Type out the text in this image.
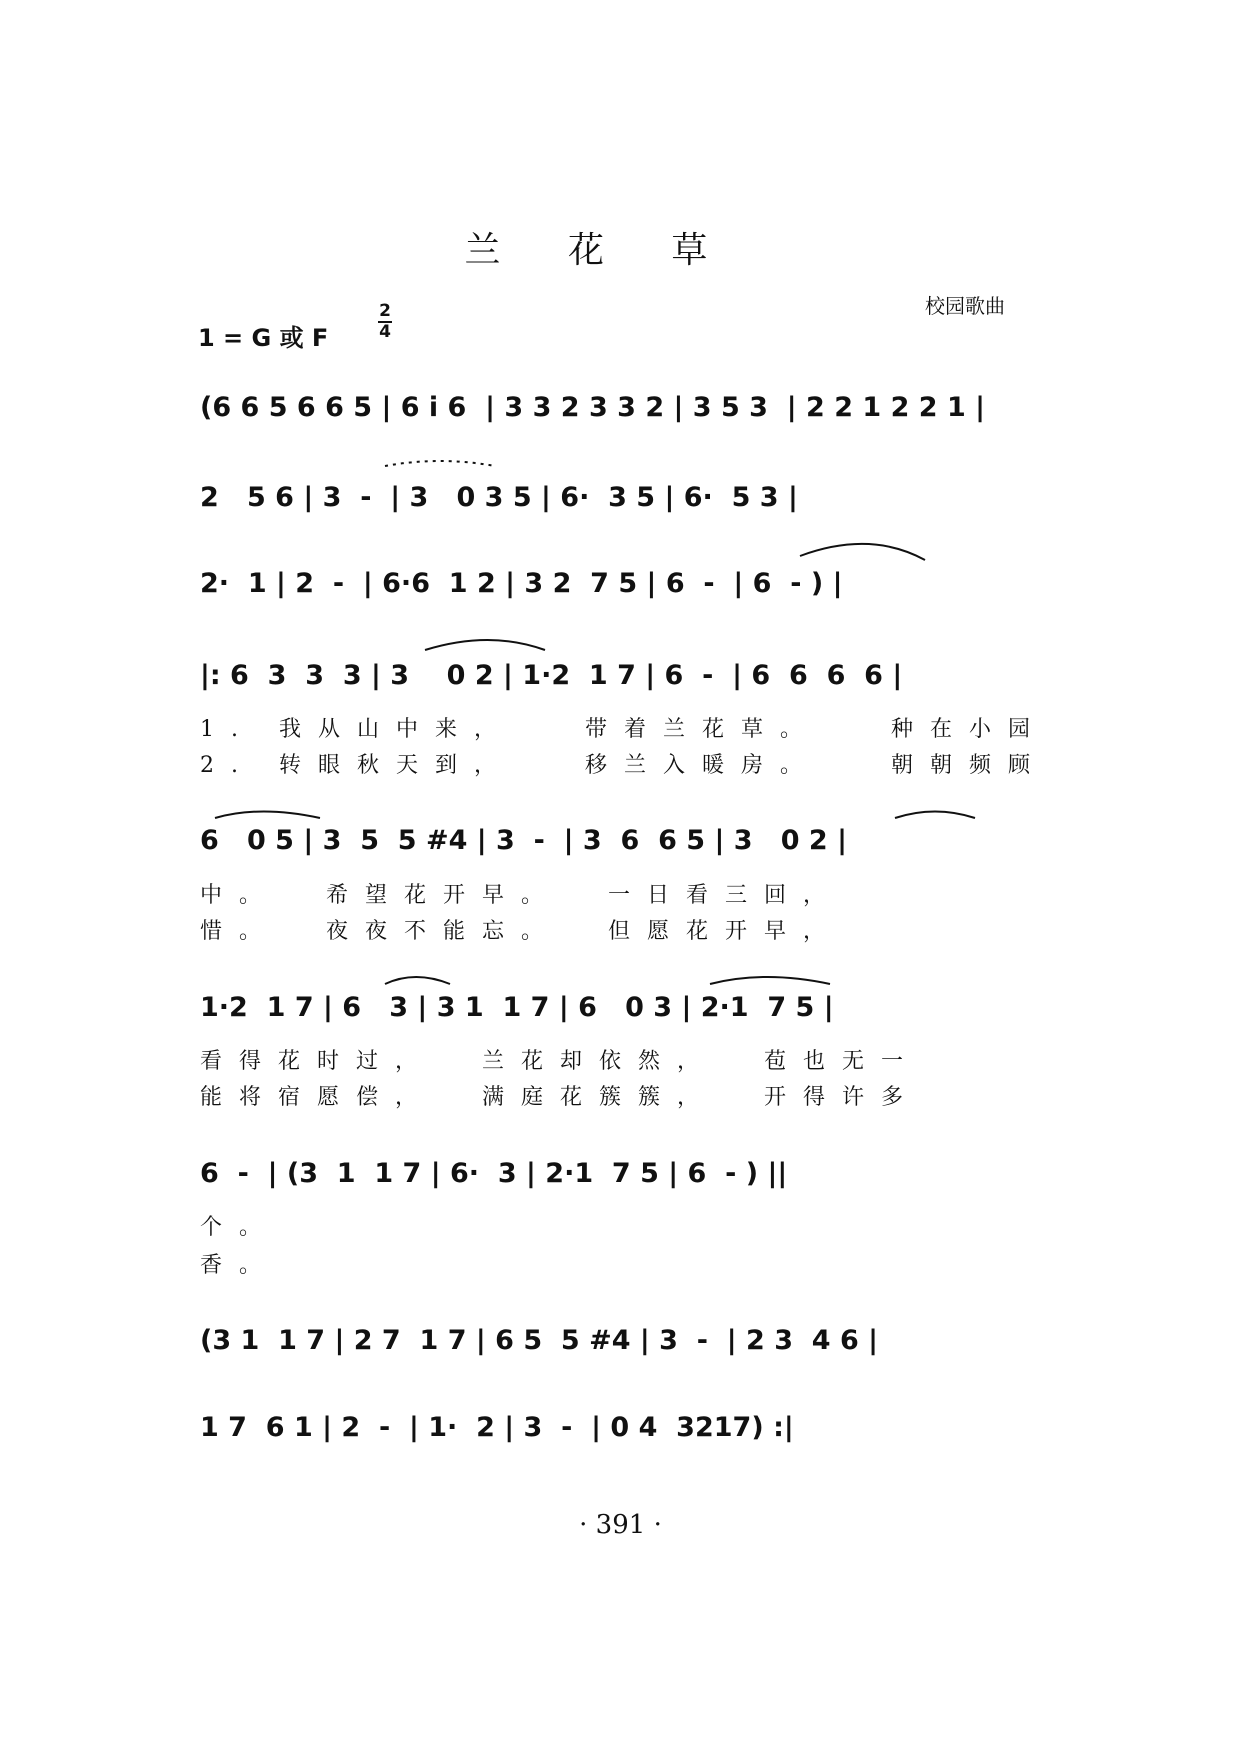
兰 花 草
校园歌曲
1 = G 或 F
2
4
(6 6 5 6 6 5 | 6 i 6  | 3 3 2 3 3 2 | 3 5 3  | 2 2 1 2 2 1 |
2   5 6 | 3  -  | 3   0 3 5 | 6·  3 5 | 6·  5 3 |
2·  1 | 2  -  | 6·6  1 2 | 3 2  7 5 | 6  -  | 6  - ) |
|: 6  3  3  3 | 3    0 2 | 1·2  1 7 | 6  -  | 6  6  6  6 |
1. 我从山中来，   带着兰花草。   种在小园
2. 转眼秋天到，   移兰入暖房。   朝朝频顾
6   0 5 | 3  5  5 #4 | 3  -  | 3  6  6 5 | 3   0 2 |
中。  希望花开早。  一日看三回，
惜。  夜夜不能忘。  但愿花开早，
1·2  1 7 | 6   3 | 3 1  1 7 | 6   0 3 | 2·1  7 5 |
看得花时过，  兰花却依然，  苞也无一
能将宿愿偿，  满庭花簇簇，  开得许多
6  -  | (3  1  1 7 | 6·  3 | 2·1  7 5 | 6  - ) ||
个。
香。
(3 1  1 7 | 2 7  1 7 | 6 5  5 #4 | 3  -  | 2 3  4 6 |
1 7  6 1 | 2  -  | 1·  2 | 3  -  | 0 4  3217) :|
· 391 ·
